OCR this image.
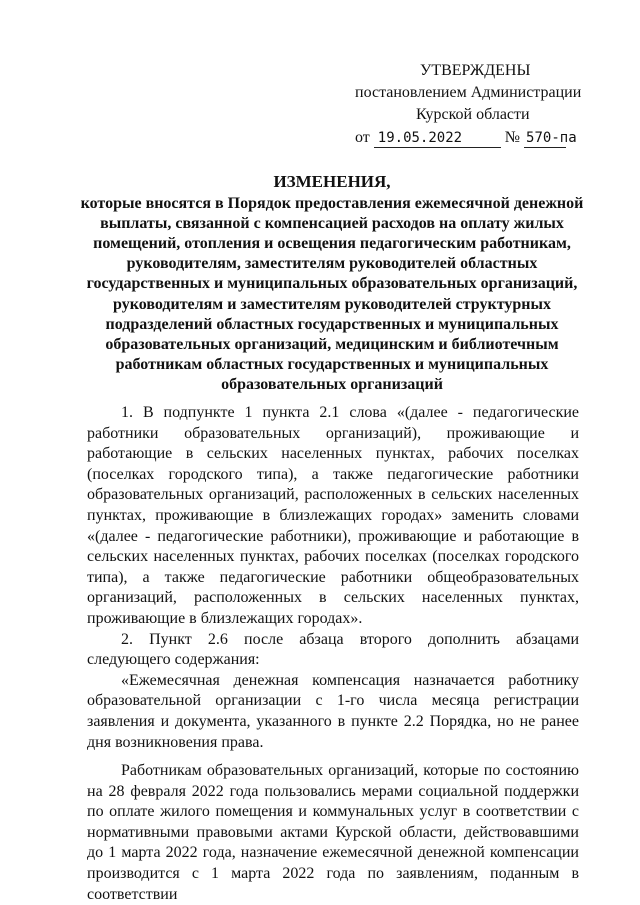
УТВЕРЖДЕНЫ
постановлением Администрации
Курской области
от 19.05.2022	№ 570-па
ИЗМЕНЕНИЯ,
которые вносятся в Порядок предоставления ежемесячной денежной
выплаты, связанной с компенсацией расходов на оплату жилых
помещений, отопления и освещения педагогическим работникам,
руководителям, заместителям руководителей областных
государственных и муниципальных образовательных организаций,
руководителям и заместителям руководителей структурных
подразделений областных государственных и муниципальных
образовательных организаций, медицинским и библиотечным
работникам областных государственных и муниципальных
образовательных организаций

1. В подпункте 1 пункта 2.1 слова «(далее - педагогические работники образовательных организаций), проживающие и работающие в сельских населенных пунктах, рабочих поселках (поселках городского типа), а также педагогические работники образовательных организаций, расположенных в сельских населенных пунктах, проживающие в близлежащих городах» заменить словами «(далее - педагогические работники), проживающие и работающие в сельских населенных пунктах, рабочих поселках (поселках городского типа), а также педагогические работники общеобразовательных организаций, расположенных в сельских населенных пунктах, проживающие в близлежащих городах».

2. Пункт 2.6 после абзаца второго дополнить абзацами следующего содержания:

«Ежемесячная денежная компенсация назначается работнику образовательной организации с 1-го числа месяца регистрации заявления и документа, указанного в пункте 2.2 Порядка, но не ранее дня возникновения права.

Работникам образовательных организаций, которые по состоянию на 28 февраля 2022 года пользовались мерами социальной поддержки по оплате жилого помещения и коммунальных услуг в соответствии с нормативными правовыми актами Курской области, действовавшими до 1 марта 2022 года, назначение ежемесячной денежной компенсации производится с 1 марта 2022 года по заявлениям, поданным в соответствии
